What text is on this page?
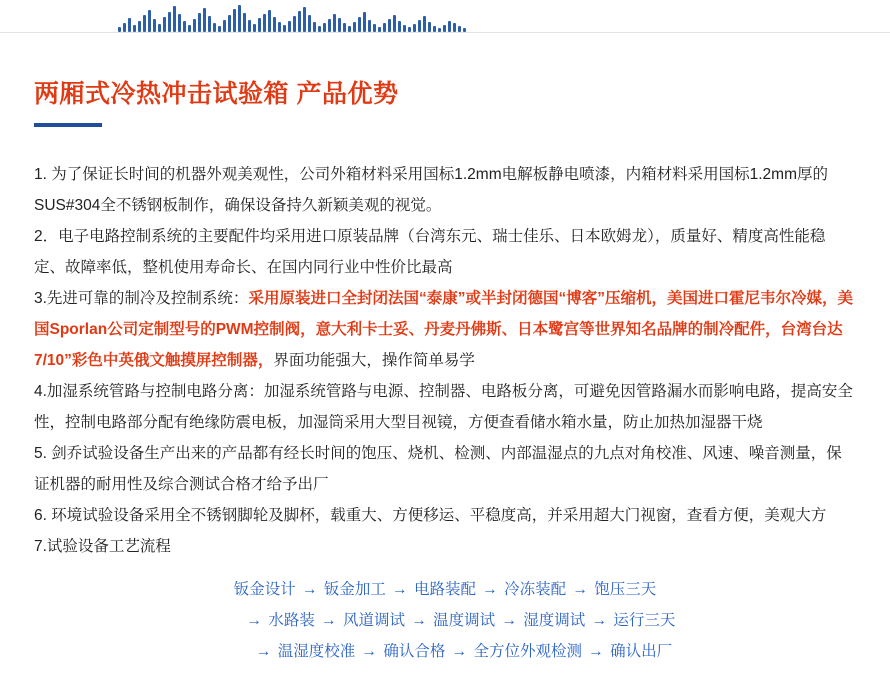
两厢式冷热冲击试验箱 产品优势

1. 为了保证长时间的机器外观美观性，公司外箱材料采用国标1.2mm电解板静电喷漆，内箱材料采用国标1.2mm厚的SUS#304全不锈钢板制作，确保设备持久新颖美观的视觉。

2．电子电路控制系统的主要配件均采用进口原装品牌（台湾东元、瑞士佳乐、日本欧姆龙），质量好、精度高性能稳定、故障率低，整机使用寿命长、在国内同行业中性价比最高

3.先进可靠的制冷及控制系统：采用原装进口全封闭法国“泰康”或半封闭德国“博客”压缩机，美国进口霍尼韦尔冷媒，美国Sporlan公司定制型号的PWM控制阀，意大利卡士妥、丹麦丹佛斯、日本鹭宫等世界知名品牌的制冷配件，台湾台达7/10”彩色中英俄文触摸屏控制器，界面功能强大，操作简单易学

4.加湿系统管路与控制电路分离：加湿系统管路与电源、控制器、电路板分离，可避免因管路漏水而影响电路，提高安全性，控制电路部分配有绝缘防震电板，加湿筒采用大型目视镜，方便查看储水箱水量，防止加热加湿器干烧

5. 剑乔试验设备生产出来的产品都有经长时间的饱压、烧机、检测、内部温湿点的九点对角校准、风速、噪音测量，保证机器的耐用性及综合测试合格才给予出厂

6. 环境试验设备采用全不锈钢脚轮及脚杯，载重大、方便移运、平稳度高，并采用超大门视窗，查看方便，美观大方

7.试验设备工艺流程

钣金设计 → 钣金加工 → 电路装配 → 冷冻装配 → 饱压三天
→ 水路装 → 风道调试 → 温度调试 → 湿度调试 → 运行三天
→ 温湿度校准 → 确认合格 → 全方位外观检测 → 确认出厂
